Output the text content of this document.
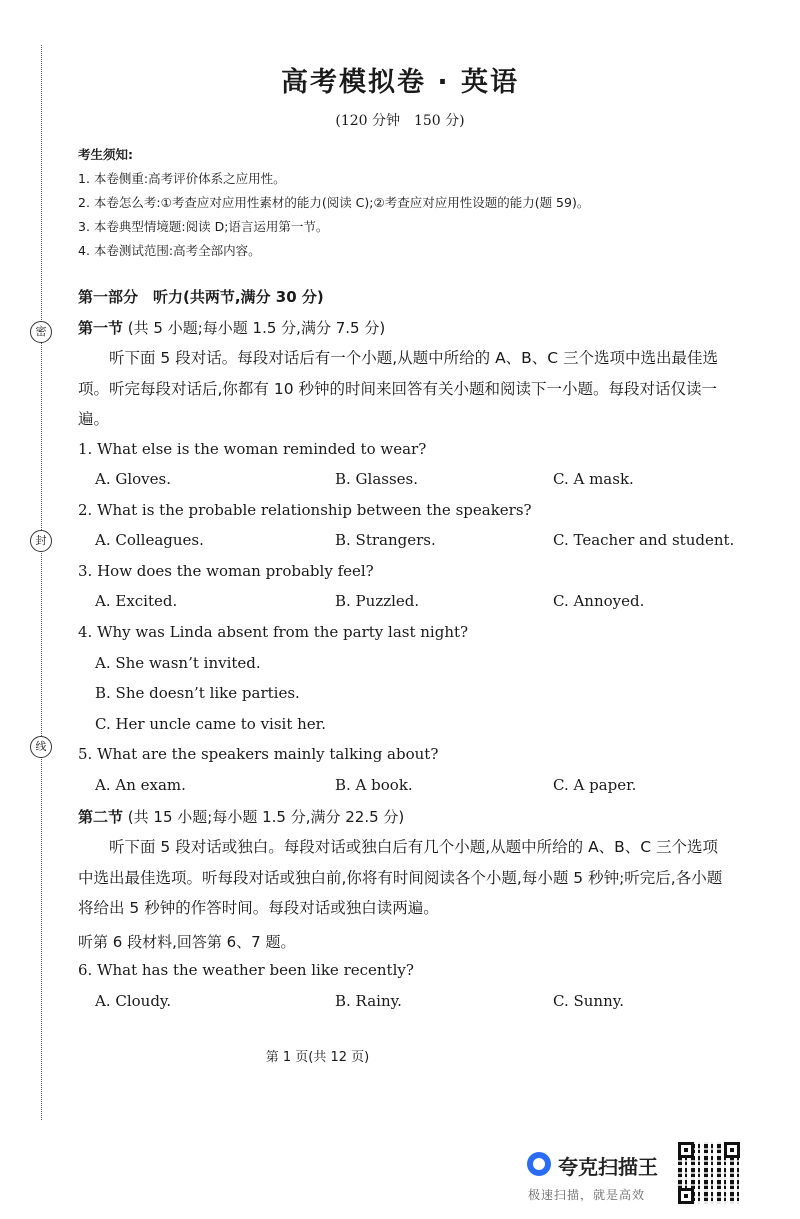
密
封
线
高考模拟卷 · 英语
(120 分钟　150 分)
考生须知:
1. 本卷侧重:高考评价体系之应用性。
2. 本卷怎么考:①考查应对应用性素材的能力(阅读 C);②考查应对应用性设题的能力(题 59)。
3. 本卷典型情境题:阅读 D;语言运用第一节。
4. 本卷测试范围:高考全部内容。
第一部分　听力(共两节,满分 30 分)
第一节 (共 5 小题;每小题 1.5 分,满分 7.5 分)

听下面 5 段对话。每段对话后有一个小题,从题中所给的 A、B、C 三个选项中选出最佳选项。听完每段对话后,你都有 10 秒钟的时间来回答有关小题和阅读下一小题。每段对话仅读一遍。

1. What else is the woman reminded to wear?
A. Gloves.	B. Glasses.	C. A mask.
2. What is the probable relationship between the speakers?
A. Colleagues.	B. Strangers.	C. Teacher and student.
3. How does the woman probably feel?
A. Excited.	B. Puzzled.	C. Annoyed.
4. Why was Linda absent from the party last night?
A. She wasn’t invited.
B. She doesn’t like parties.
C. Her uncle came to visit her.
5. What are the speakers mainly talking about?
A. An exam.	B. A book.	C. A paper.
第二节 (共 15 小题;每小题 1.5 分,满分 22.5 分)

听下面 5 段对话或独白。每段对话或独白后有几个小题,从题中所给的 A、B、C 三个选项中选出最佳选项。听每段对话或独白前,你将有时间阅读各个小题,每小题 5 秒钟;听完后,各小题将给出 5 秒钟的作答时间。每段对话或独白读两遍。

听第 6 段材料,回答第 6、7 题。
6. What has the weather been like recently?
A. Cloudy.	B. Rainy.	C. Sunny.
第 1 页(共 12 页)
夸克扫描王
极速扫描，就是高效
